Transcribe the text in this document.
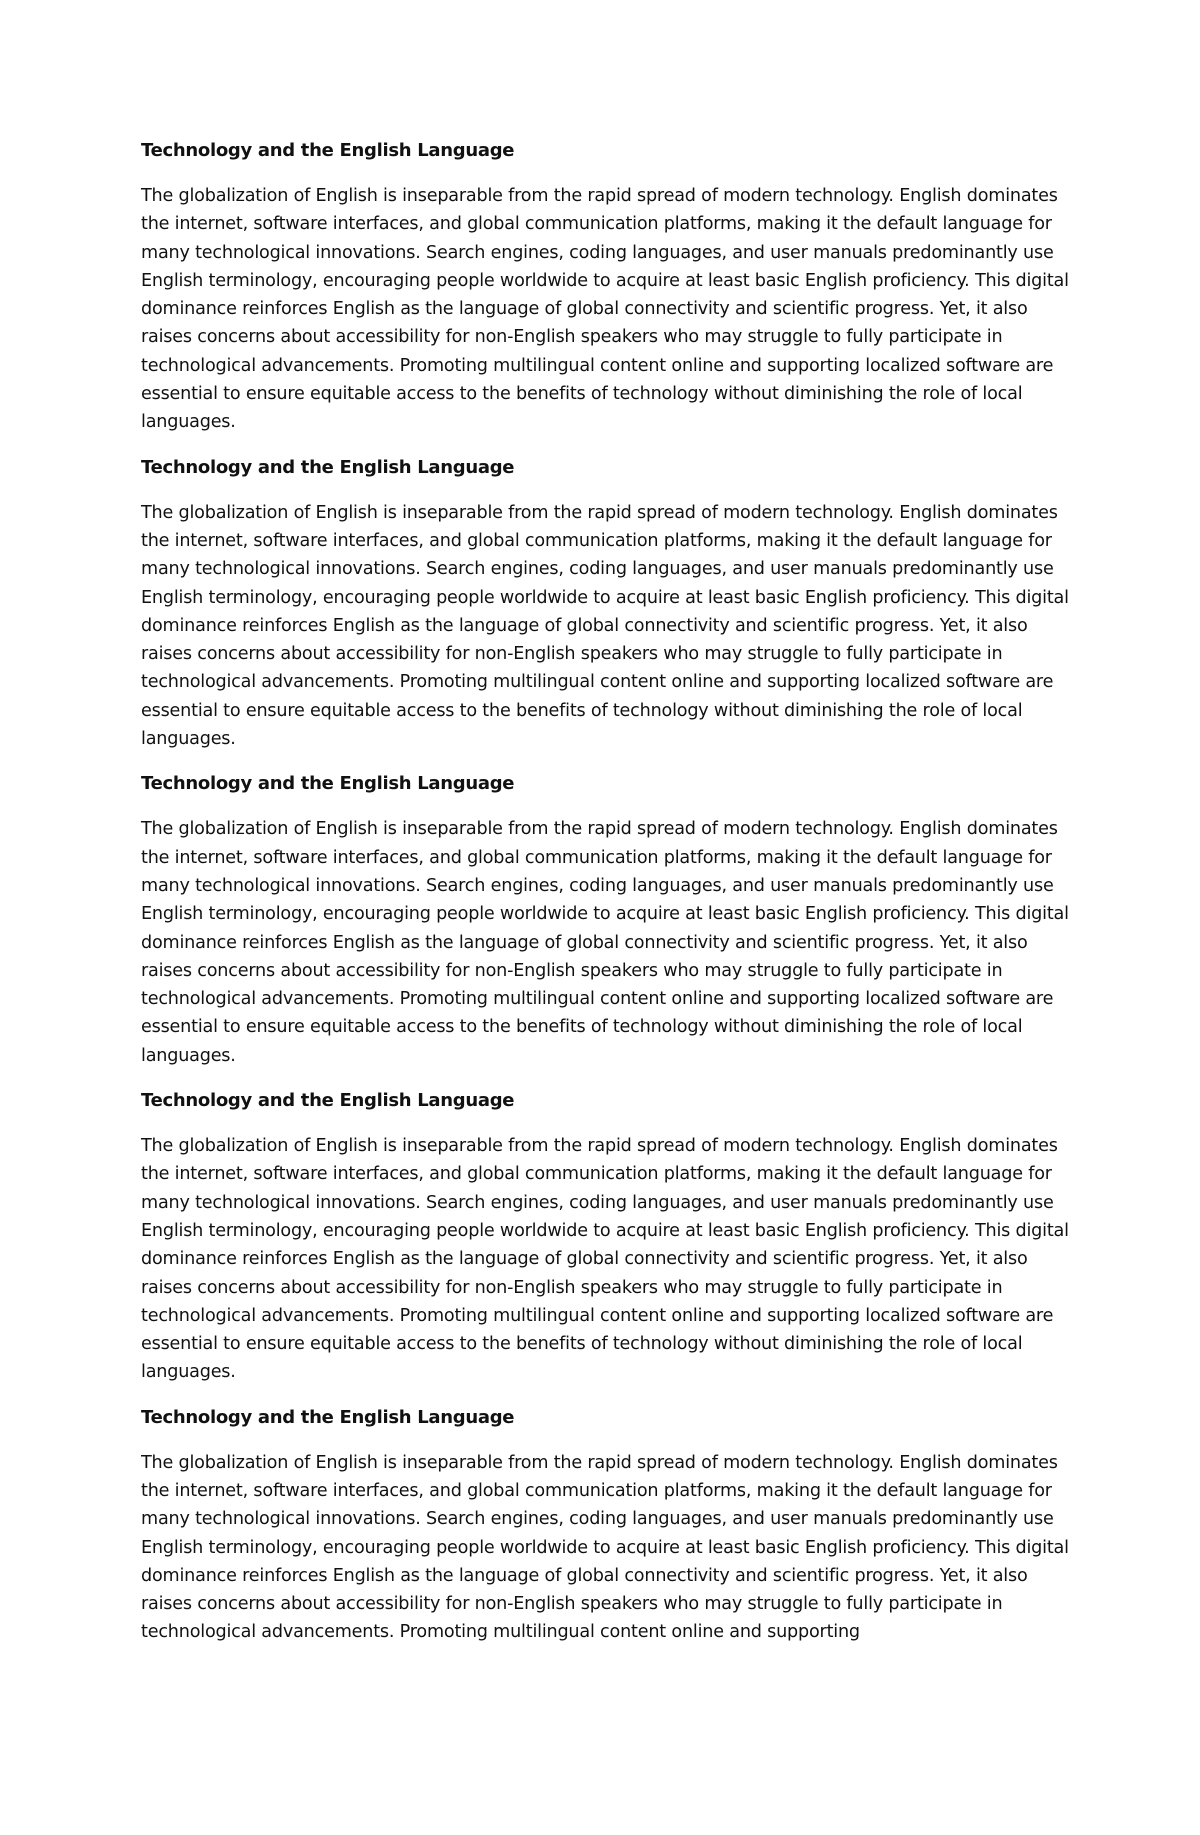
Technology and the English Language
The globalization of English is inseparable from the rapid spread of modern technology. English dominates the internet, software interfaces, and global communication platforms, making it the default language for many technological innovations. Search engines, coding languages, and user manuals predominantly use English terminology, encouraging people worldwide to acquire at least basic English proficiency. This digital dominance reinforces English as the language of global connectivity and scientific progress. Yet, it also raises concerns about accessibility for non-English speakers who may struggle to fully participate in technological advancements. Promoting multilingual content online and supporting localized software are essential to ensure equitable access to the benefits of technology without diminishing the role of local languages.
Technology and the English Language
The globalization of English is inseparable from the rapid spread of modern technology. English dominates the internet, software interfaces, and global communication platforms, making it the default language for many technological innovations. Search engines, coding languages, and user manuals predominantly use English terminology, encouraging people worldwide to acquire at least basic English proficiency. This digital dominance reinforces English as the language of global connectivity and scientific progress. Yet, it also raises concerns about accessibility for non-English speakers who may struggle to fully participate in technological advancements. Promoting multilingual content online and supporting localized software are essential to ensure equitable access to the benefits of technology without diminishing the role of local languages.
Technology and the English Language
The globalization of English is inseparable from the rapid spread of modern technology. English dominates the internet, software interfaces, and global communication platforms, making it the default language for many technological innovations. Search engines, coding languages, and user manuals predominantly use English terminology, encouraging people worldwide to acquire at least basic English proficiency. This digital dominance reinforces English as the language of global connectivity and scientific progress. Yet, it also raises concerns about accessibility for non-English speakers who may struggle to fully participate in technological advancements. Promoting multilingual content online and supporting localized software are essential to ensure equitable access to the benefits of technology without diminishing the role of local languages.
Technology and the English Language
The globalization of English is inseparable from the rapid spread of modern technology. English dominates the internet, software interfaces, and global communication platforms, making it the default language for many technological innovations. Search engines, coding languages, and user manuals predominantly use English terminology, encouraging people worldwide to acquire at least basic English proficiency. This digital dominance reinforces English as the language of global connectivity and scientific progress. Yet, it also raises concerns about accessibility for non-English speakers who may struggle to fully participate in technological advancements. Promoting multilingual content online and supporting localized software are essential to ensure equitable access to the benefits of technology without diminishing the role of local languages.
Technology and the English Language
The globalization of English is inseparable from the rapid spread of modern technology. English dominates the internet, software interfaces, and global communication platforms, making it the default language for many technological innovations. Search engines, coding languages, and user manuals predominantly use English terminology, encouraging people worldwide to acquire at least basic English proficiency. This digital dominance reinforces English as the language of global connectivity and scientific progress. Yet, it also raises concerns about accessibility for non-English speakers who may struggle to fully participate in technological advancements. Promoting multilingual content online and supporting
